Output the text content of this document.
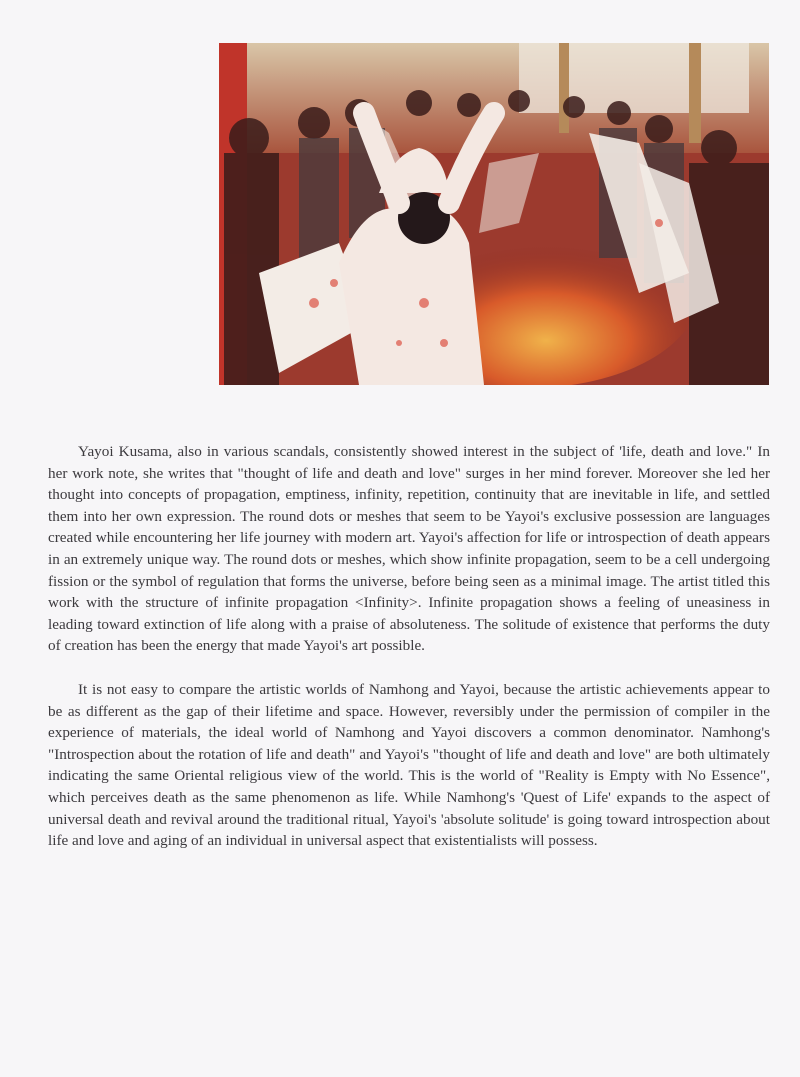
Yayoi Kusama, also in various scandals, consistently showed interest in the subject of 'life, death and love." In her work note, she writes that "thought of life and death and love" surges in her mind forever. Moreover she led her thought into concepts of propagation, emptiness, infinity, repetition, continuity that are inevitable in life, and settled them into her own expression. The round dots or meshes that seem to be Yayoi's exclusive possession are languages created while encountering her life journey with modern art. Yayoi's affection for life or introspection of death appears in an extremely unique way. The round dots or meshes, which show infinite propagation, seem to be a cell undergoing fission or the symbol of regulation that forms the universe, before being seen as a minimal image. The artist titled this work with the structure of infinite propagation <Infinity>. Infinite propagation shows a feeling of uneasiness in leading toward extinction of life along with a praise of absoluteness. The solitude of existence that performs the duty of creation has been the energy that made Yayoi's art possible.

It is not easy to compare the artistic worlds of Namhong and Yayoi, because the artistic achievements appear to be as different as the gap of their lifetime and space. However, reversibly under the permission of compiler in the experience of materials, the ideal world of Namhong and Yayoi discovers a common denominator. Namhong's "Introspection about the rotation of life and death" and Yayoi's "thought of life and death and love" are both ultimately indicating the same Oriental religious view of the world. This is the world of "Reality is Empty with No Essence", which perceives death as the same phenomenon as life. While Namhong's 'Quest of Life' expands to the aspect of universal death and revival around the traditional ritual, Yayoi's 'absolute solitude' is going toward introspection about life and love and aging of an individual in universal aspect that existentialists will possess.
